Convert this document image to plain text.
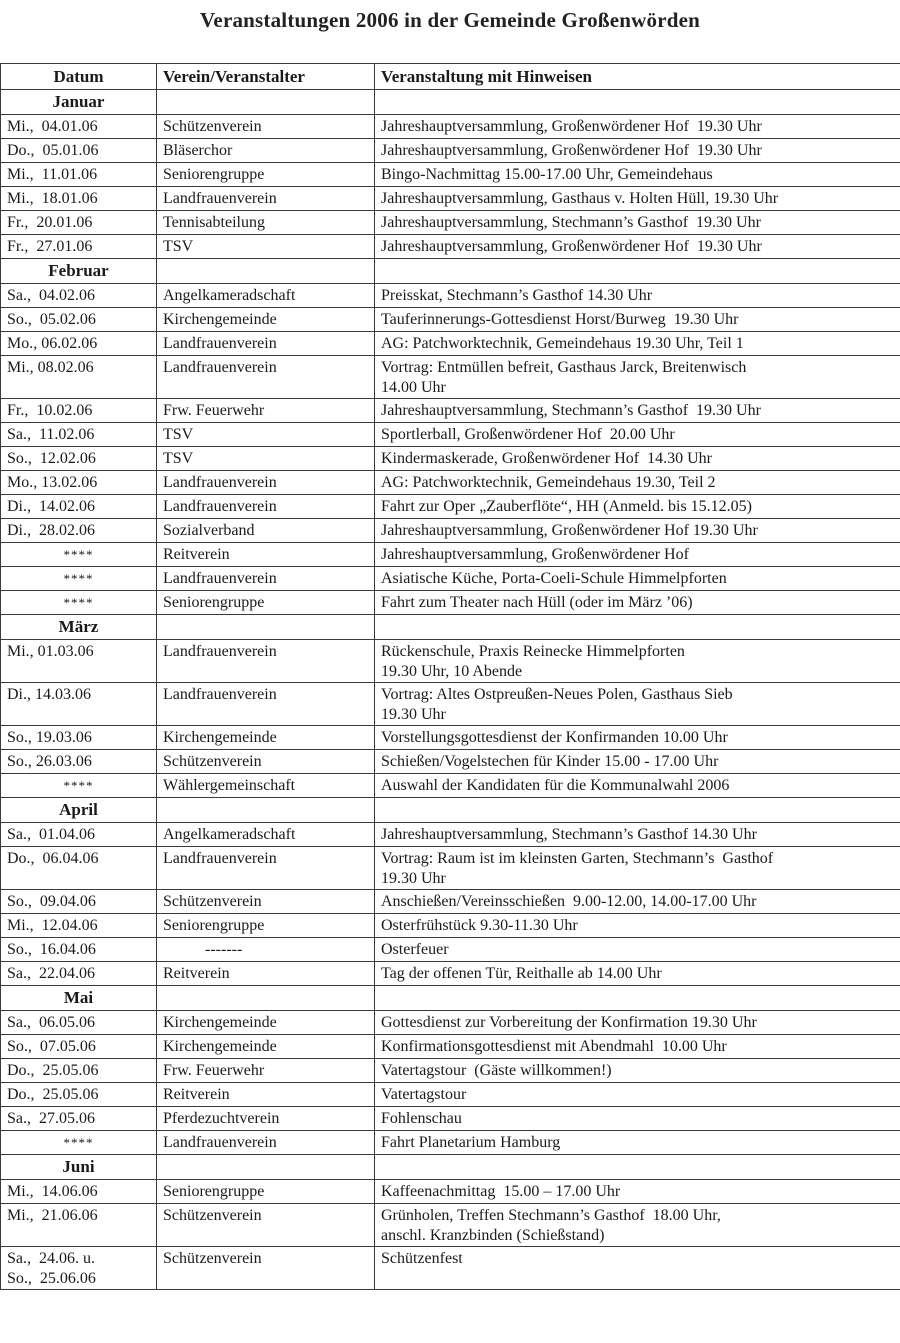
Veranstaltungen 2006 in der Gemeinde Großenwörden
Datum	Verein/Veranstalter	Veranstaltung mit Hinweisen
Januar		

Mi.,  04.01.06	Schützenverein	Jahreshauptversammlung, Großenwördener Hof  19.30 Uhr

Do.,  05.01.06	Bläserchor	Jahreshauptversammlung, Großenwördener Hof  19.30 Uhr

Mi.,  11.01.06	Seniorengruppe	Bingo-Nachmittag 15.00-17.00 Uhr, Gemeindehaus

Mi.,  18.01.06	Landfrauenverein	Jahreshauptversammlung, Gasthaus v. Holten Hüll, 19.30 Uhr

Fr.,  20.01.06	Tennisabteilung	Jahreshauptversammlung, Stechmann’s Gasthof  19.30 Uhr

Fr.,  27.01.06	TSV	Jahreshauptversammlung, Großenwördener Hof  19.30 Uhr

Februar		

Sa.,  04.02.06	Angelkameradschaft	Preisskat, Stechmann’s Gasthof 14.30 Uhr

So.,  05.02.06	Kirchengemeinde	Tauferinnerungs-Gottesdienst Horst/Burweg  19.30 Uhr

Mo., 06.02.06	Landfrauenverein	AG: Patchworktechnik, Gemeindehaus 19.30 Uhr, Teil 1

Mi., 08.02.06	Landfrauenverein	Vortrag: Entmüllen befreit, Gasthaus Jarck, Breitenwisch
14.00 Uhr

Fr.,  10.02.06	Frw. Feuerwehr	Jahreshauptversammlung, Stechmann’s Gasthof  19.30 Uhr

Sa.,  11.02.06	TSV	Sportlerball, Großenwördener Hof  20.00 Uhr

So.,  12.02.06	TSV	Kindermaskerade, Großenwördener Hof  14.30 Uhr

Mo., 13.02.06	Landfrauenverein	AG: Patchworktechnik, Gemeindehaus 19.30, Teil 2

Di.,  14.02.06	Landfrauenverein	Fahrt zur Oper „Zauberflöte“, HH (Anmeld. bis 15.12.05)

Di.,  28.02.06	Sozialverband	Jahreshauptversammlung, Großenwördener Hof 19.30 Uhr

****	Reitverein	Jahreshauptversammlung, Großenwördener Hof

****	Landfrauenverein	Asiatische Küche, Porta-Coeli-Schule Himmelpforten

****	Seniorengruppe	Fahrt zum Theater nach Hüll (oder im März ’06)

März		

Mi., 01.03.06	Landfrauenverein	Rückenschule, Praxis Reinecke Himmelpforten
19.30 Uhr, 10 Abende

Di., 14.03.06	Landfrauenverein	Vortrag: Altes Ostpreußen-Neues Polen, Gasthaus Sieb
19.30 Uhr

So., 19.03.06	Kirchengemeinde	Vorstellungsgottesdienst der Konfirmanden 10.00 Uhr

So., 26.03.06	Schützenverein	Schießen/Vogelstechen für Kinder 15.00 - 17.00 Uhr

****	Wählergemeinschaft	Auswahl der Kandidaten für die Kommunalwahl 2006

April		

Sa.,  01.04.06	Angelkameradschaft	Jahreshauptversammlung, Stechmann’s Gasthof 14.30 Uhr

Do.,  06.04.06	Landfrauenverein	Vortrag: Raum ist im kleinsten Garten, Stechmann’s  Gasthof
19.30 Uhr

So.,  09.04.06	Schützenverein	Anschießen/Vereinsschießen  9.00-12.00, 14.00-17.00 Uhr

Mi.,  12.04.06	Seniorengruppe	Osterfrühstück 9.30-11.30 Uhr

So.,  16.04.06	-------	Osterfeuer

Sa.,  22.04.06	Reitverein	Tag der offenen Tür, Reithalle ab 14.00 Uhr

Mai		

Sa.,  06.05.06	Kirchengemeinde	Gottesdienst zur Vorbereitung der Konfirmation 19.30 Uhr

So.,  07.05.06	Kirchengemeinde	Konfirmationsgottesdienst mit Abendmahl  10.00 Uhr

Do.,  25.05.06	Frw. Feuerwehr	Vatertagstour  (Gäste willkommen!)

Do.,  25.05.06	Reitverein	Vatertagstour

Sa.,  27.05.06	Pferdezuchtverein	Fohlenschau

****	Landfrauenverein	Fahrt Planetarium Hamburg

Juni		

Mi.,  14.06.06	Seniorengruppe	Kaffeenachmittag  15.00 – 17.00 Uhr

Mi.,  21.06.06	Schützenverein	Grünholen, Treffen Stechmann’s Gasthof  18.00 Uhr,
anschl. Kranzbinden (Schießstand)

Sa.,  24.06. u.
So.,  25.06.06	Schützenverein	Schützenfest
